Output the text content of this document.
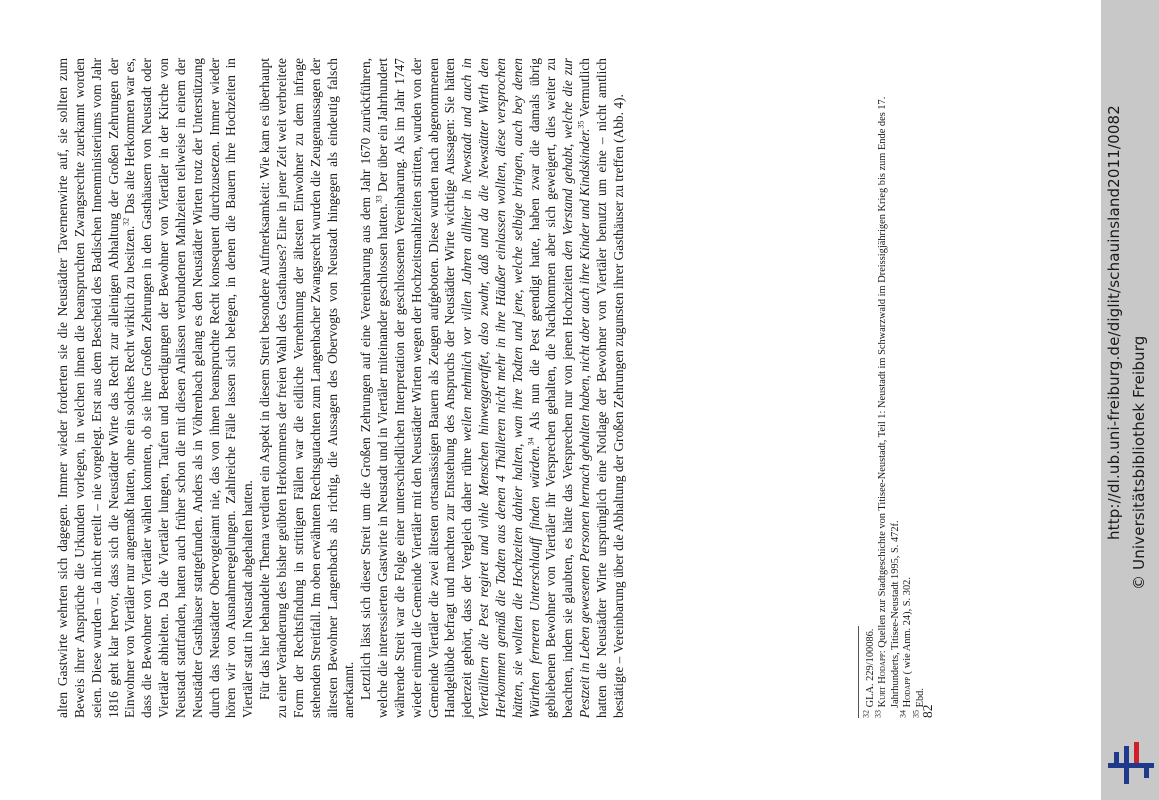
alten Gastwirte wehrten sich dagegen. Immer wieder forderten sie die Neustädter Tavernenwirte auf, sie sollten zum Beweis ihrer Ansprüche die Urkunden vorlegen, in welchen ihnen die beanspruchten Zwangsrechte zuerkannt worden seien. Diese wurden – da nicht erteilt – nie vorgelegt. Erst aus dem Bescheid des Badischen Innenministeriums vom Jahr 1816 geht klar hervor, dass sich die Neustädter Wirte das Recht zur alleinigen Abhaltung der Großen Zehrungen der Einwohner von Viertäler nur angemaßt hatten, ohne ein solches Recht wirklich zu besitzen.$^{32}$ Das alte Herkommen war es, dass die Bewohner von Viertäler wählen konnten, ob sie ihre Großen Zehrungen in den Gasthäusern von Neustadt oder Viertäler abhielten. Da die Viertäler lungen, Taufen und Beerdigungen der Bewohner von Viertäler in der Kirche von Neustadt stattfanden, hatten auch früher schon die mit diesen Anlässen verbundenen Mahlzeiten teilweise in einem der Neustädter Gasthäuser stattgefunden. Anders als in Vöhrenbach gelang es den Neustädter Wirten trotz der Unterstützung durch das Neustädter Obervogteiamt nie, das von ihnen beanspruchte Recht konsequent durchzusetzen. Immer wieder hören wir von Ausnahmeregelungen. Zahlreiche Fälle lassen sich belegen, in denen die Bauern ihre Hochzeiten in Viertäler statt in Neustadt abgehalten hatten. Für das hier behandelte Thema verdient ein Aspekt in diesem Streit besondere Aufmerksamkeit: Wie kam es überhaupt zu einer Veränderung des bisher geübten Herkommens der freien Wahl des Gasthauses? Eine in jener Zeit weit verbreitete Form der Rechtsfindung in strittigen Fällen war die eidliche Vernehmung der ältesten Einwohner zu dem infrage stehenden Streitfall. Im oben erwähnten Rechtsgutachten zum Langenbacher Zwangsrecht wurden die Zeugenaussagen der ältesten Bewohner Langenbachs als richtig, die Aussagen des Obervogts von Neustadt hingegen als eindeutig falsch anerkannt. Letztlich lässt sich dieser Streit um die Großen Zehrungen auf eine Vereinbarung aus dem Jahr 1670 zurückführen, welche die interessierten Gastwirte in Neustadt und in Viertäler miteinander geschlossen hatten.$^{33}$ Der über ein Jahrhundert währende Streit war die Folge einer unterschiedlichen Interpretation der geschlossenen Vereinbarung. Als im Jahr 1747 wieder einmal die Gemeinde Viertäler mit den Neustädter Wirten wegen der Hochzeitsmahlzeiten stritten, wurden von der Gemeinde Viertäler die zwei ältesten ortsansässigen Bauern als Zeugen aufgeboten. Diese wurden nach abgenommenen Handgelübde befragt und machten zur Entstehung des Anspruchs der Neustädter Wirte wichtige Aussagen: Sie hätten jederzeit gehört, dass der Vergleich daher rühre weilen nehmlich vor villen Jahren allhier in Newstadt und auch in Viertälltern die Pest regiret und vihle Menschen hinweggeraffet, also zwahr, daß und da die Newstätter Wirth den Herkommen gemäß die Todten aus denen 4 Thälleren nicht mehr in ihre Häußer einlassen wollten, diese versprochen hätten, sie wollten die Hochzeiten dahier halten, wan ihre Todten und jene, welche selbige bringen, auch bey denen Würthen ferneren Unterschlauff finden würden.$^{34}$ Als nun die Pest geendigt hatte, haben zwar die damals übrig gebliebenen Bewohner von Viertäler ihr Versprechen gehalten, die Nachkommen aber sich geweigert, dies weiter zu beachten, indem sie glaubten, es hätte das Versprechen nur von jenen Hochzeiten den Verstand gehabt, welche die zur Pestzeit in Leben gewesenen Personen hernach gehalten haben, nicht aber auch ihre Kinder und Kindskinder.$^{35}$ Vermutlich hatten die Neustädter Wirte ursprünglich eine Notlage der Bewohner von Viertäler benutzt um eine – nicht amtlich bestätigte – Vereinbarung über die Abhaltung der Großen Zehrungen zugunsten ihrer Gasthäuser zu treffen (Abb. 4).	$^{32}$ GLA. 229/100086.

$^{33}$ Kurt Hodapp: Quellen zur Stadtgeschichte von Titisee-Neustadt, Teil 1: Neustadt im Schwarzwald im Dreissigjährigen Krieg bis zum Ende des 17. Jahrhunderts, Titisee-Neustadt 1995, S. 472f.

$^{34}$ Hodapp ( wie Anm. 24), S. 302.

$^{35}$ Ebd.

82
http://dl.ub.uni-freiburg.de/diglit/schauinsland2011/0082 © Universitätsbibliothek Freiburg
